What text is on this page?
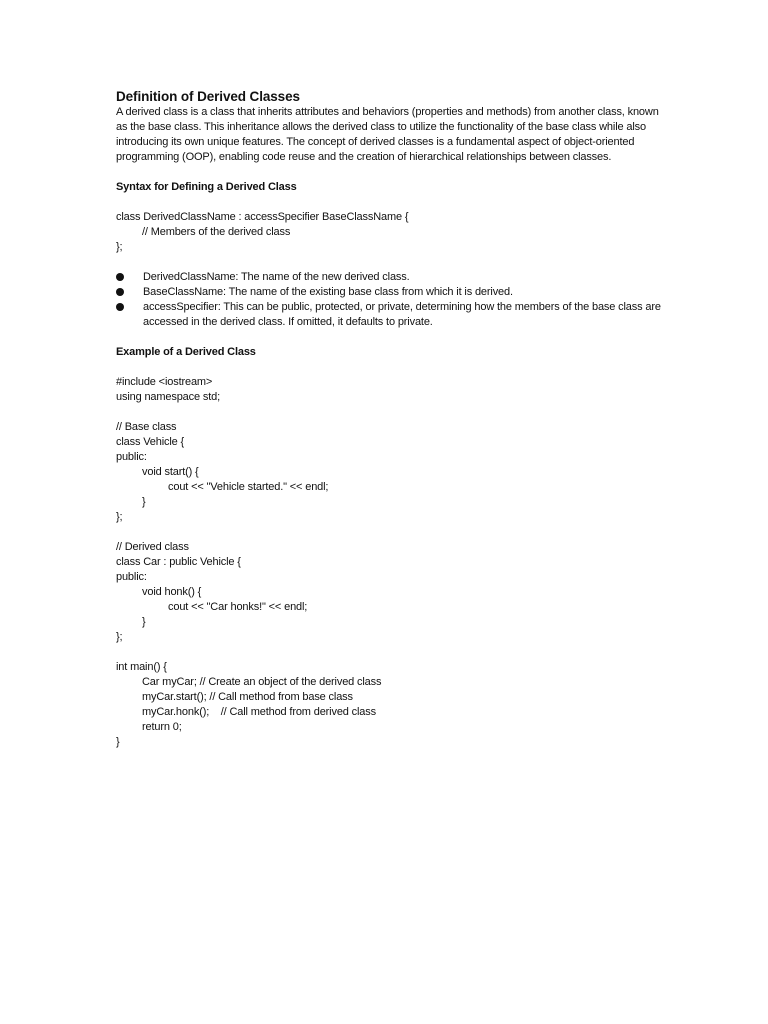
Definition of Derived Classes

A derived class is a class that inherits attributes and behaviors (properties and methods) from another class, known as the base class. This inheritance allows the derived class to utilize the functionality of the base class while also introducing its own unique features. The concept of derived classes is a fundamental aspect of object-oriented programming (OOP), enabling code reuse and the creation of hierarchical relationships between classes.

Syntax for Defining a Derived Class
class DerivedClassName : accessSpecifier BaseClassName {
// Members of the derived class
};
DerivedClassName: The name of the new derived class.
BaseClassName: The name of the existing base class from which it is derived.
accessSpecifier: This can be public, protected, or private, determining how the members of the base class are accessed in the derived class. If omitted, it defaults to private.
Example of a Derived Class
#include <iostream>
using namespace std;
// Base class
class Vehicle {
public:
void start() {
cout << "Vehicle started." << endl;
}
};
// Derived class
class Car : public Vehicle {
public:
void honk() {
cout << "Car honks!" << endl;
}
};
int main() {
Car myCar; // Create an object of the derived class
myCar.start(); // Call method from base class
myCar.honk();    // Call method from derived class
return 0;
}
